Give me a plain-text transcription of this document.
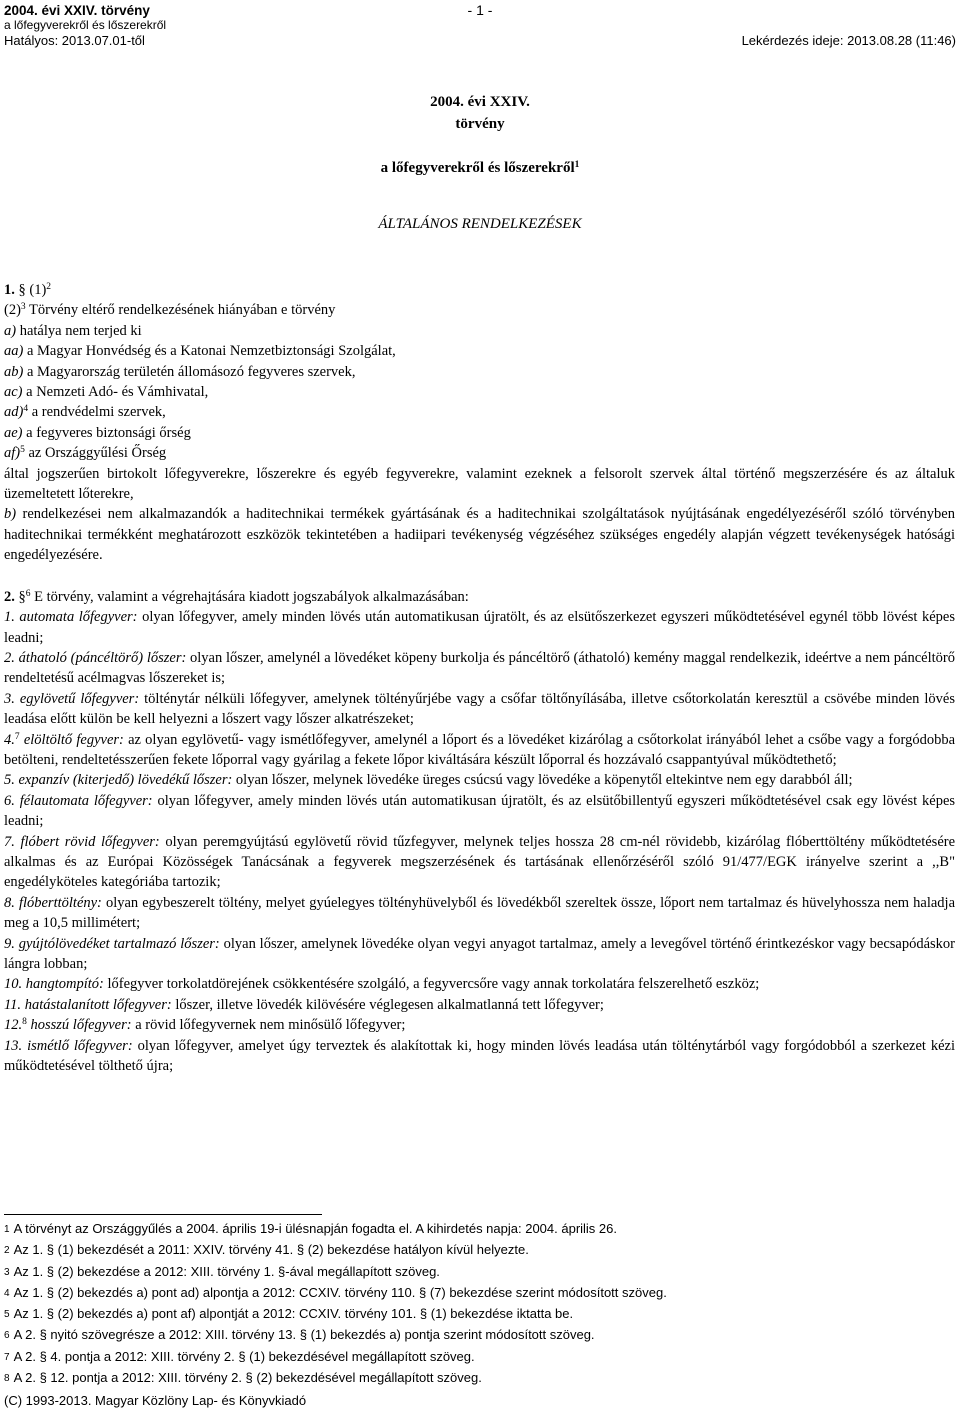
- 1 -
2004. évi XXIV. törvény
a lőfegyverekről és lőszerekről
Hatályos: 2013.07.01-től	Lekérdezés ideje: 2013.08.28 (11:46)
2004. évi XXIV.
törvény
a lőfegyverekről és lőszerekről$^1$
ÁLTALÁNOS RENDELKEZÉSEK

1. § $(1)^2$

$(2)^3$ Törvény eltérő rendelkezésének hiányában e törvény

a) hatálya nem terjed ki

aa) a Magyar Honvédség és a Katonai Nemzetbiztonsági Szolgálat,

ab) a Magyarország területén állomásozó fegyveres szervek,

ac) a Nemzeti Adó- és Vámhivatal,

ad)$^4$ a rendvédelmi szervek,

ae) a fegyveres biztonsági őrség

af)$^5$ az Országgyűlési Őrség

által jogszerűen birtokolt lőfegyverekre, lőszerekre és egyéb fegyverekre, valamint ezeknek a felsorolt szervek által történő megszerzésére és az általuk üzemeltetett lőterekre,

b) rendelkezései nem alkalmazandók a haditechnikai termékek gyártásának és a haditechnikai szolgáltatások nyújtásának engedélyezéséről szóló törvényben haditechnikai termékként meghatározott eszközök tekintetében a hadiipari tevékenység végzéséhez szükséges engedély alapján végzett tevékenységek hatósági engedélyezésére.

2. §$^6$ E törvény, valamint a végrehajtására kiadott jogszabályok alkalmazásában:

1. automata lőfegyver: olyan lőfegyver, amely minden lövés után automatikusan újratölt, és az elsütőszerkezet egyszeri működtetésével egynél több lövést képes leadni;

2. áthatoló (páncéltörő) lőszer: olyan lőszer, amelynél a lövedéket köpeny burkolja és páncéltörő (áthatoló) kemény maggal rendelkezik, ideértve a nem páncéltörő rendeltetésű acélmagvas lőszereket is;

3. egylövetű lőfegyver: tölténytár nélküli lőfegyver, amelynek töltényűrjébe vagy a csőfar töltőnyílásába, illetve csőtorkolatán keresztül a csövébe minden lövés leadása előtt külön be kell helyezni a lőszert vagy lőszer alkatrészeket;

4.$^7$ elöltöltő fegyver: az olyan egylövetű- vagy ismétlőfegyver, amelynél a lőport és a lövedéket kizárólag a csőtorkolat irányából lehet a csőbe vagy a forgódobba betölteni, rendeltetésszerűen fekete lőporral vagy gyárilag a fekete lőpor kiváltására készült lőporral és hozzávaló csappantyúval működtethető;

5. expanzív (kiterjedő) lövedékű lőszer: olyan lőszer, melynek lövedéke üreges csúcsú vagy lövedéke a köpenytől eltekintve nem egy darabból áll;

6. félautomata lőfegyver: olyan lőfegyver, amely minden lövés után automatikusan újratölt, és az elsütőbillentyű egyszeri működtetésével csak egy lövést képes leadni;

7. flóbert rövid lőfegyver: olyan peremgyújtású egylövetű rövid tűzfegyver, melynek teljes hossza 28 cm-nél rövidebb, kizárólag flóberttöltény működtetésére alkalmas és az Európai Közösségek Tanácsának a fegyverek megszerzésének és tartásának ellenőrzéséről szóló 91/477/EGK irányelve szerint a ,,B" engedélyköteles kategóriába tartozik;

8. flóberttöltény: olyan egybeszerelt töltény, melyet gyúelegyes töltényhüvelyből és lövedékből szereltek össze, lőport nem tartalmaz és hüvelyhossza nem haladja meg a 10,5 millimétert;

9. gyújtólövedéket tartalmazó lőszer: olyan lőszer, amelynek lövedéke olyan vegyi anyagot tartalmaz, amely a levegővel történő érintkezéskor vagy becsapódáskor lángra lobban;

10. hangtompító: lőfegyver torkolatdörejének csökkentésére szolgáló, a fegyvercsőre vagy annak torkolatára felszerelhető eszköz;

11. hatástalanított lőfegyver: lőszer, illetve lövedék kilövésére véglegesen alkalmatlanná tett lőfegyver;

12.$^8$ hosszú lőfegyver: a rövid lőfegyvernek nem minősülő lőfegyver;

13. ismétlő lőfegyver: olyan lőfegyver, amelyet úgy terveztek és alakítottak ki, hogy minden lövés leadása után tölténytárból vagy forgódobból a szerkezet kézi működtetésével tölthető újra;

1 A törvényt az Országgyűlés a 2004. április 19-i ülésnapján fogadta el. A kihirdetés napja: 2004. április 26.
2 Az 1. § (1) bekezdését a 2011: XXIV. törvény 41. § (2) bekezdése hatályon kívül helyezte.
3 Az 1. § (2) bekezdése a 2012: XIII. törvény 1. §-ával megállapított szöveg.
4 Az 1. § (2) bekezdés a) pont ad) alpontja a 2012: CCXIV. törvény 110. § (7) bekezdése szerint módosított szöveg.
5 Az 1. § (2) bekezdés a) pont af) alpontját a 2012: CCXIV. törvény 101. § (1) bekezdése iktatta be.
6 A 2. § nyitó szövegrésze a 2012: XIII. törvény 13. § (1) bekezdés a) pontja szerint módosított szöveg.
7 A 2. § 4. pontja a 2012: XIII. törvény 2. § (1) bekezdésével megállapított szöveg.
8 A 2. § 12. pontja a 2012: XIII. törvény 2. § (2) bekezdésével megállapított szöveg.
(C) 1993-2013. Magyar Közlöny Lap- és Könyvkiadó
